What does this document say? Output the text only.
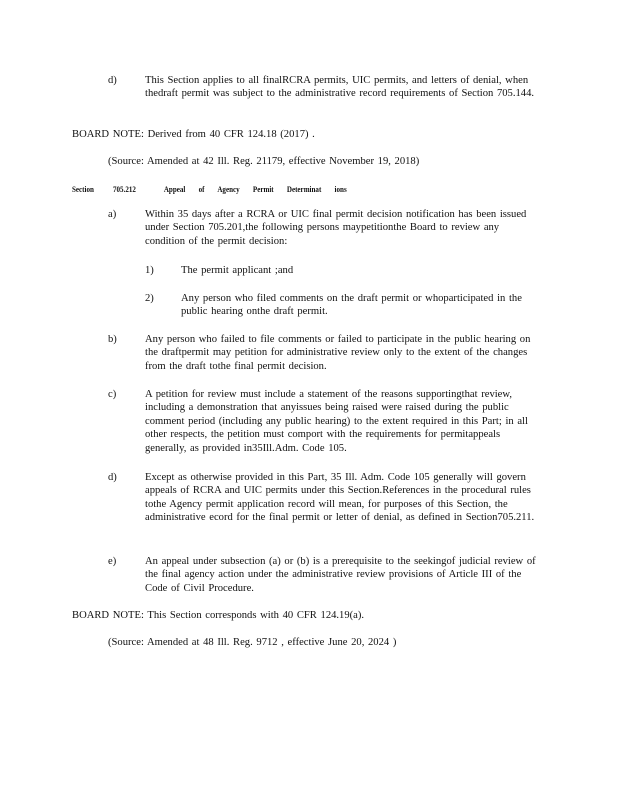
d)	This Section applies to all finalRCRA permits, UIC permits, and letters of denial, when thedraft permit was subject to the administrative record requirements of Section 705.144.

BOARD NOTE: Derived from 40 CFR 124.18 (2017) .

(Source: Amended at 42 Ill. Reg. 21179, effective November 19, 2018)

Section 705.212	Appeal of Agency Permit Determinat ions
a)	Within 35 days after a RCRA or UIC final permit decision notification has been issued under Section 705.201,the following persons maypetitionthe Board to review any condition of the permit decision:

1)	The permit applicant ;and

2)	Any person who filed comments on the draft permit or whoparticipated in the public hearing onthe draft permit.

b)	Any person who failed to file comments or failed to participate in the public hearing on the draftpermit may petition for administrative review only to the extent of the changes from the draft tothe final permit decision.

c)	A petition for review must include a statement of the reasons supportingthat review, including a demonstration that anyissues being raised were raised during the public comment period (including any public hearing) to the extent required in this Part; in all other respects, the petition must comport with the requirements for permitappeals generally, as provided in35Ill.Adm. Code 105.

d)	Except as otherwise provided in this Part, 35 Ill. Adm. Code 105 generally will govern appeals of RCRA and UIC permits under this Section.References in the procedural rules tothe Agency permit application record will mean, for purposes of this Section, the administrative ecord for the final permit or letter of denial, as defined in Section705.211.

e)	An appeal under subsection (a) or (b) is a prerequisite to the seekingof judicial review of the final agency action under the administrative review provisions of Article III of the Code of Civil Procedure.

BOARD NOTE: This Section corresponds with 40 CFR 124.19(a).

(Source: Amended at 48 Ill. Reg. 9712 , effective June 20, 2024 )
